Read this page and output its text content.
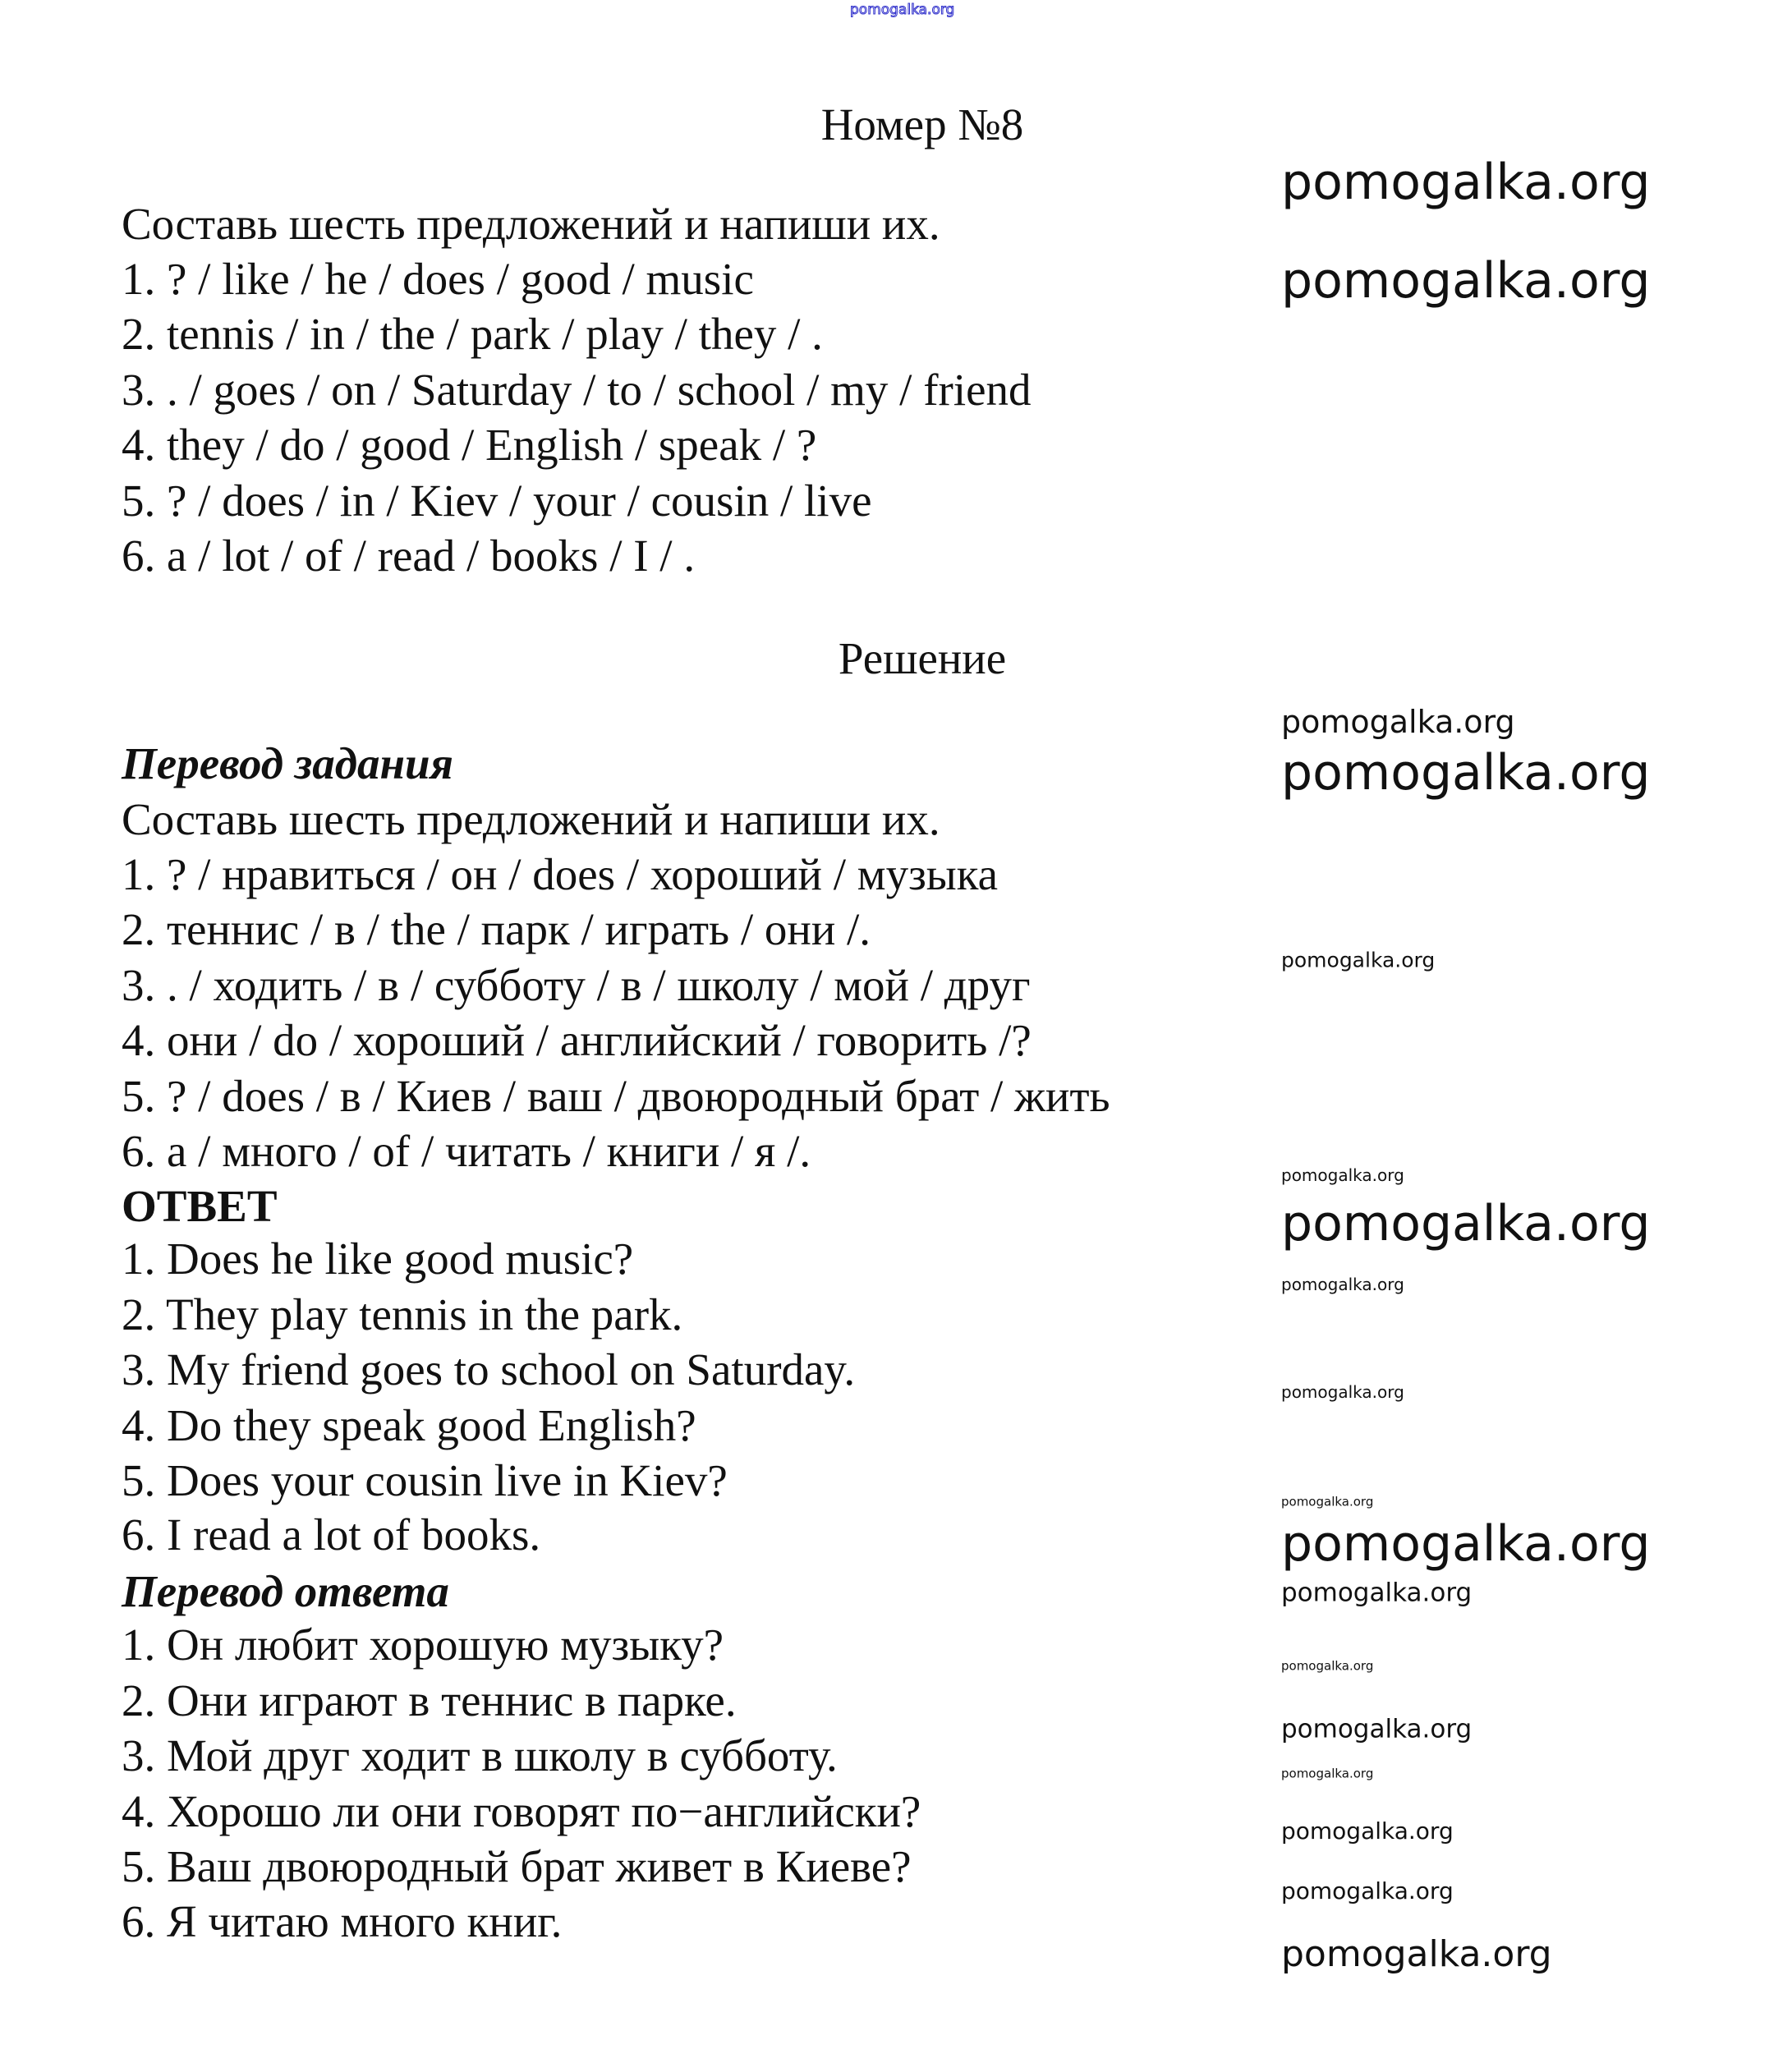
pomogalka.org
Номер №8
Составь шесть предложений и напиши их.
1. ? / like / he / does / good / music
2. tennis / in / the / park / play / they / .
3. . / goes / on / Saturday / to / school / my / friend
4. they / do / good / English / speak / ?
5. ? / does / in / Kiev / your / cousin / live
6. a / lot / of / read / books / I / .
Решение
Перевод задания
Составь шесть предложений и напиши их.
1. ? / нравиться / он / does / хороший / музыка
2. теннис / в / the / парк / играть / они /.
3. . / ходить / в / субботу / в / школу / мой / друг
4. они / do / хороший / английский / говорить /?
5. ? / does / в / Киев / ваш / двоюродный брат / жить
6. a / много / of / читать / книги / я /.
ОТВЕТ
1. Does he like good music?
2. They play tennis in the park.
3. My friend goes to school on Saturday.
4. Do they speak good English?
5. Does your cousin live in Kiev?
6. I read a lot of books.
Перевод ответа
1. Он любит хорошую музыку?
2. Они играют в теннис в парке.
3. Мой друг ходит в школу в субботу.
4. Хорошо ли они говорят по−английски?
5. Ваш двоюродный брат живет в Киеве?
6. Я читаю много книг.
pomogalka.org
pomogalka.org
pomogalka.org
pomogalka.org
pomogalka.org
pomogalka.org
pomogalka.org
pomogalka.org
pomogalka.org
pomogalka.org
pomogalka.org
pomogalka.org
pomogalka.org
pomogalka.org
pomogalka.org
pomogalka.org
pomogalka.org
pomogalka.org
